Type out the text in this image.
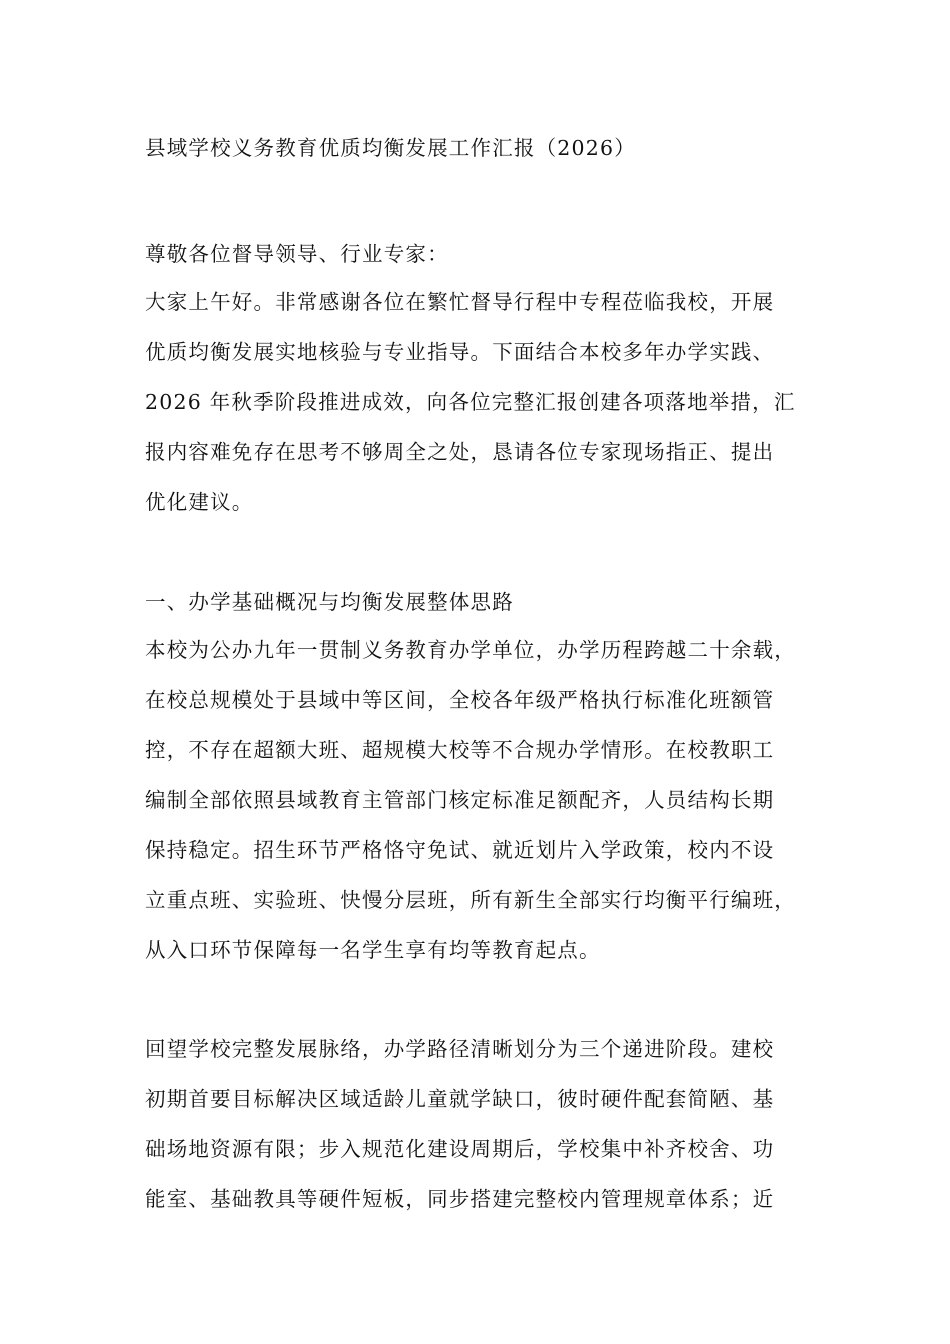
县域学校义务教育优质均衡发展工作汇报（2026）
尊敬各位督导领导、行业专家：
大家上午好。非常感谢各位在繁忙督导行程中专程莅临我校，开展
优质均衡发展实地核验与专业指导。下面结合本校多年办学实践、
2026 年秋季阶段推进成效，向各位完整汇报创建各项落地举措，汇
报内容难免存在思考不够周全之处，恳请各位专家现场指正、提出
优化建议。
一、办学基础概况与均衡发展整体思路
本校为公办九年一贯制义务教育办学单位，办学历程跨越二十余载，
在校总规模处于县域中等区间，全校各年级严格执行标准化班额管
控，不存在超额大班、超规模大校等不合规办学情形。在校教职工
编制全部依照县域教育主管部门核定标准足额配齐，人员结构长期
保持稳定。招生环节严格恪守免试、就近划片入学政策，校内不设
立重点班、实验班、快慢分层班，所有新生全部实行均衡平行编班，
从入口环节保障每一名学生享有均等教育起点。
回望学校完整发展脉络，办学路径清晰划分为三个递进阶段。建校
初期首要目标解决区域适龄儿童就学缺口，彼时硬件配套简陋、基
础场地资源有限；步入规范化建设周期后，学校集中补齐校舍、功
能室、基础教具等硬件短板，同步搭建完整校内管理规章体系；近
